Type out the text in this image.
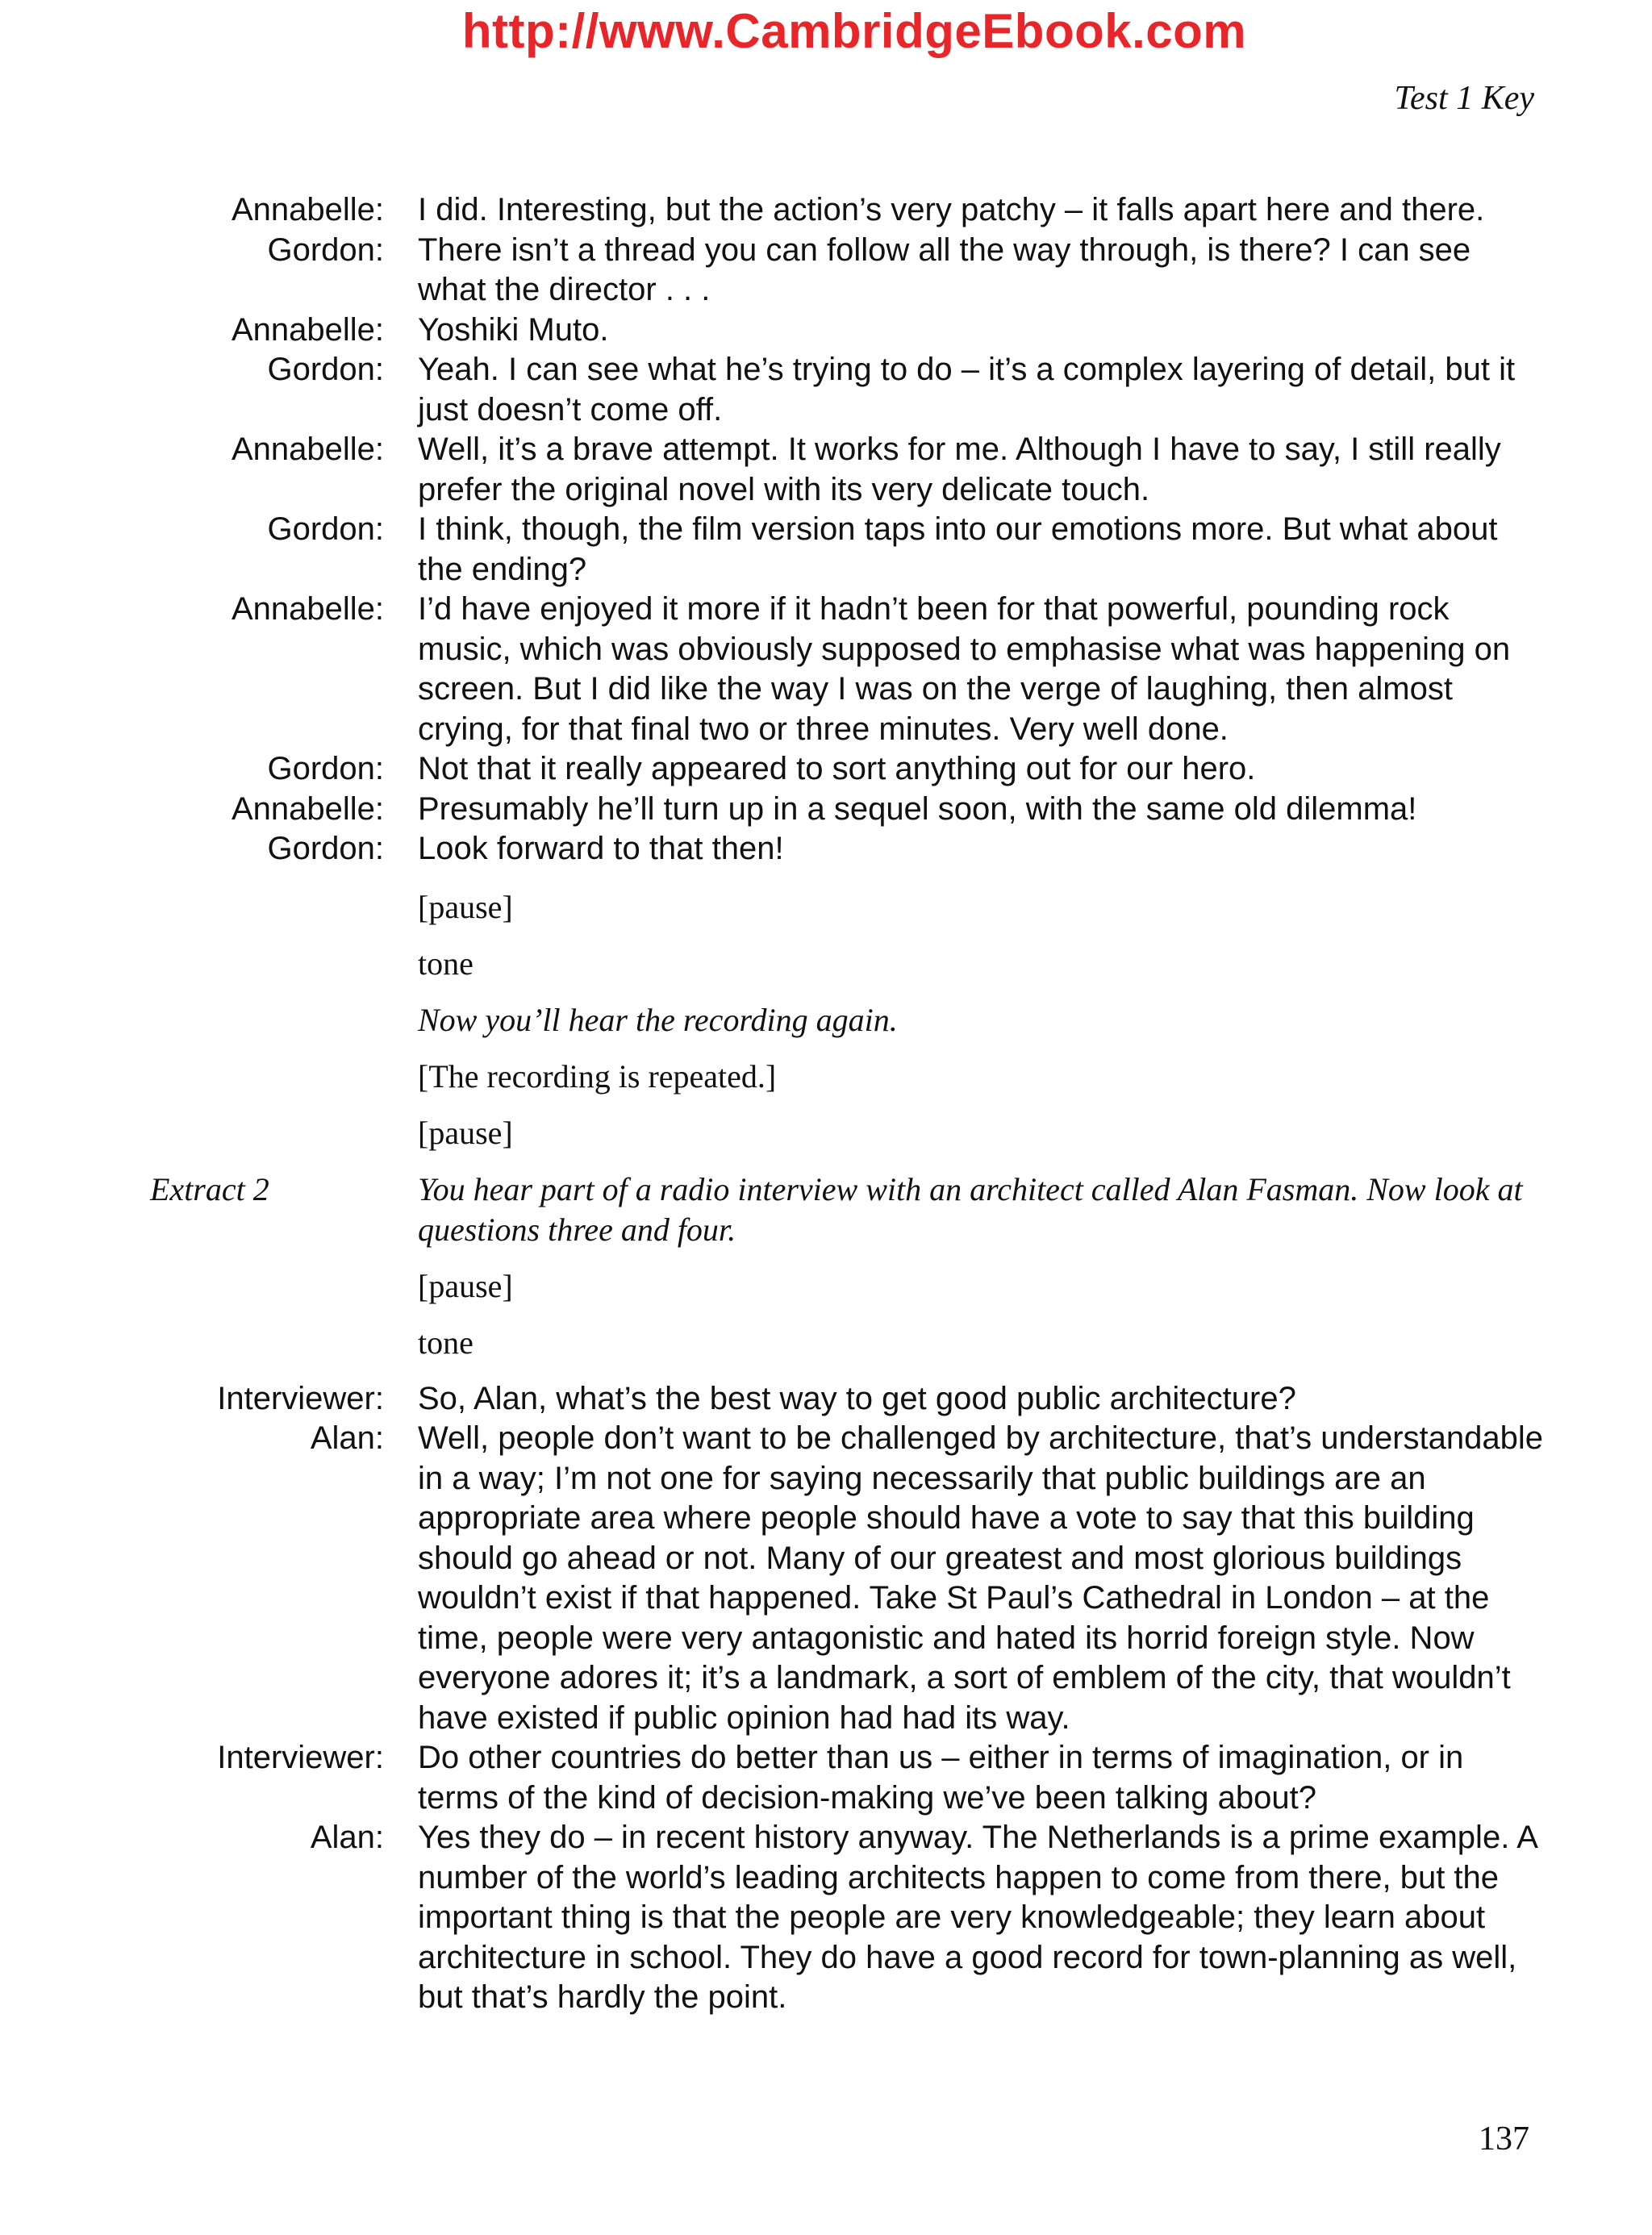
http://www.CambridgeEbook.com
Test 1 Key
Annabelle: I did. Interesting, but the action’s very patchy – it falls apart here and there.
Gordon: There isn’t a thread you can follow all the way through, is there? I can see what the director . . .
Annabelle: Yoshiki Muto.
Gordon: Yeah. I can see what he’s trying to do – it’s a complex layering of detail, but it just doesn’t come off.
Annabelle: Well, it’s a brave attempt. It works for me. Although I have to say, I still really prefer the original novel with its very delicate touch.
Gordon: I think, though, the film version taps into our emotions more. But what about the ending?
Annabelle: I’d have enjoyed it more if it hadn’t been for that powerful, pounding rock music, which was obviously supposed to emphasise what was happening on screen. But I did like the way I was on the verge of laughing, then almost crying, for that final two or three minutes. Very well done.
Gordon: Not that it really appeared to sort anything out for our hero.
Annabelle: Presumably he’ll turn up in a sequel soon, with the same old dilemma!
Gordon: Look forward to that then!
[pause]
tone
Now you’ll hear the recording again.
[The recording is repeated.]
[pause]
Extract 2	You hear part of a radio interview with an architect called Alan Fasman. Now look at questions three and four.
[pause]
tone
Interviewer: So, Alan, what’s the best way to get good public architecture?
Alan: Well, people don’t want to be challenged by architecture, that’s understandable in a way; I’m not one for saying necessarily that public buildings are an appropriate area where people should have a vote to say that this building should go ahead or not. Many of our greatest and most glorious buildings wouldn’t exist if that happened. Take St Paul’s Cathedral in London – at the time, people were very antagonistic and hated its horrid foreign style. Now everyone adores it; it’s a landmark, a sort of emblem of the city, that wouldn’t have existed if public opinion had had its way.
Interviewer: Do other countries do better than us – either in terms of imagination, or in terms of the kind of decision-making we’ve been talking about?
Alan: Yes they do – in recent history anyway. The Netherlands is a prime example. A number of the world’s leading architects happen to come from there, but the important thing is that the people are very knowledgeable; they learn about architecture in school. They do have a good record for town-planning as well, but that’s hardly the point.
137
